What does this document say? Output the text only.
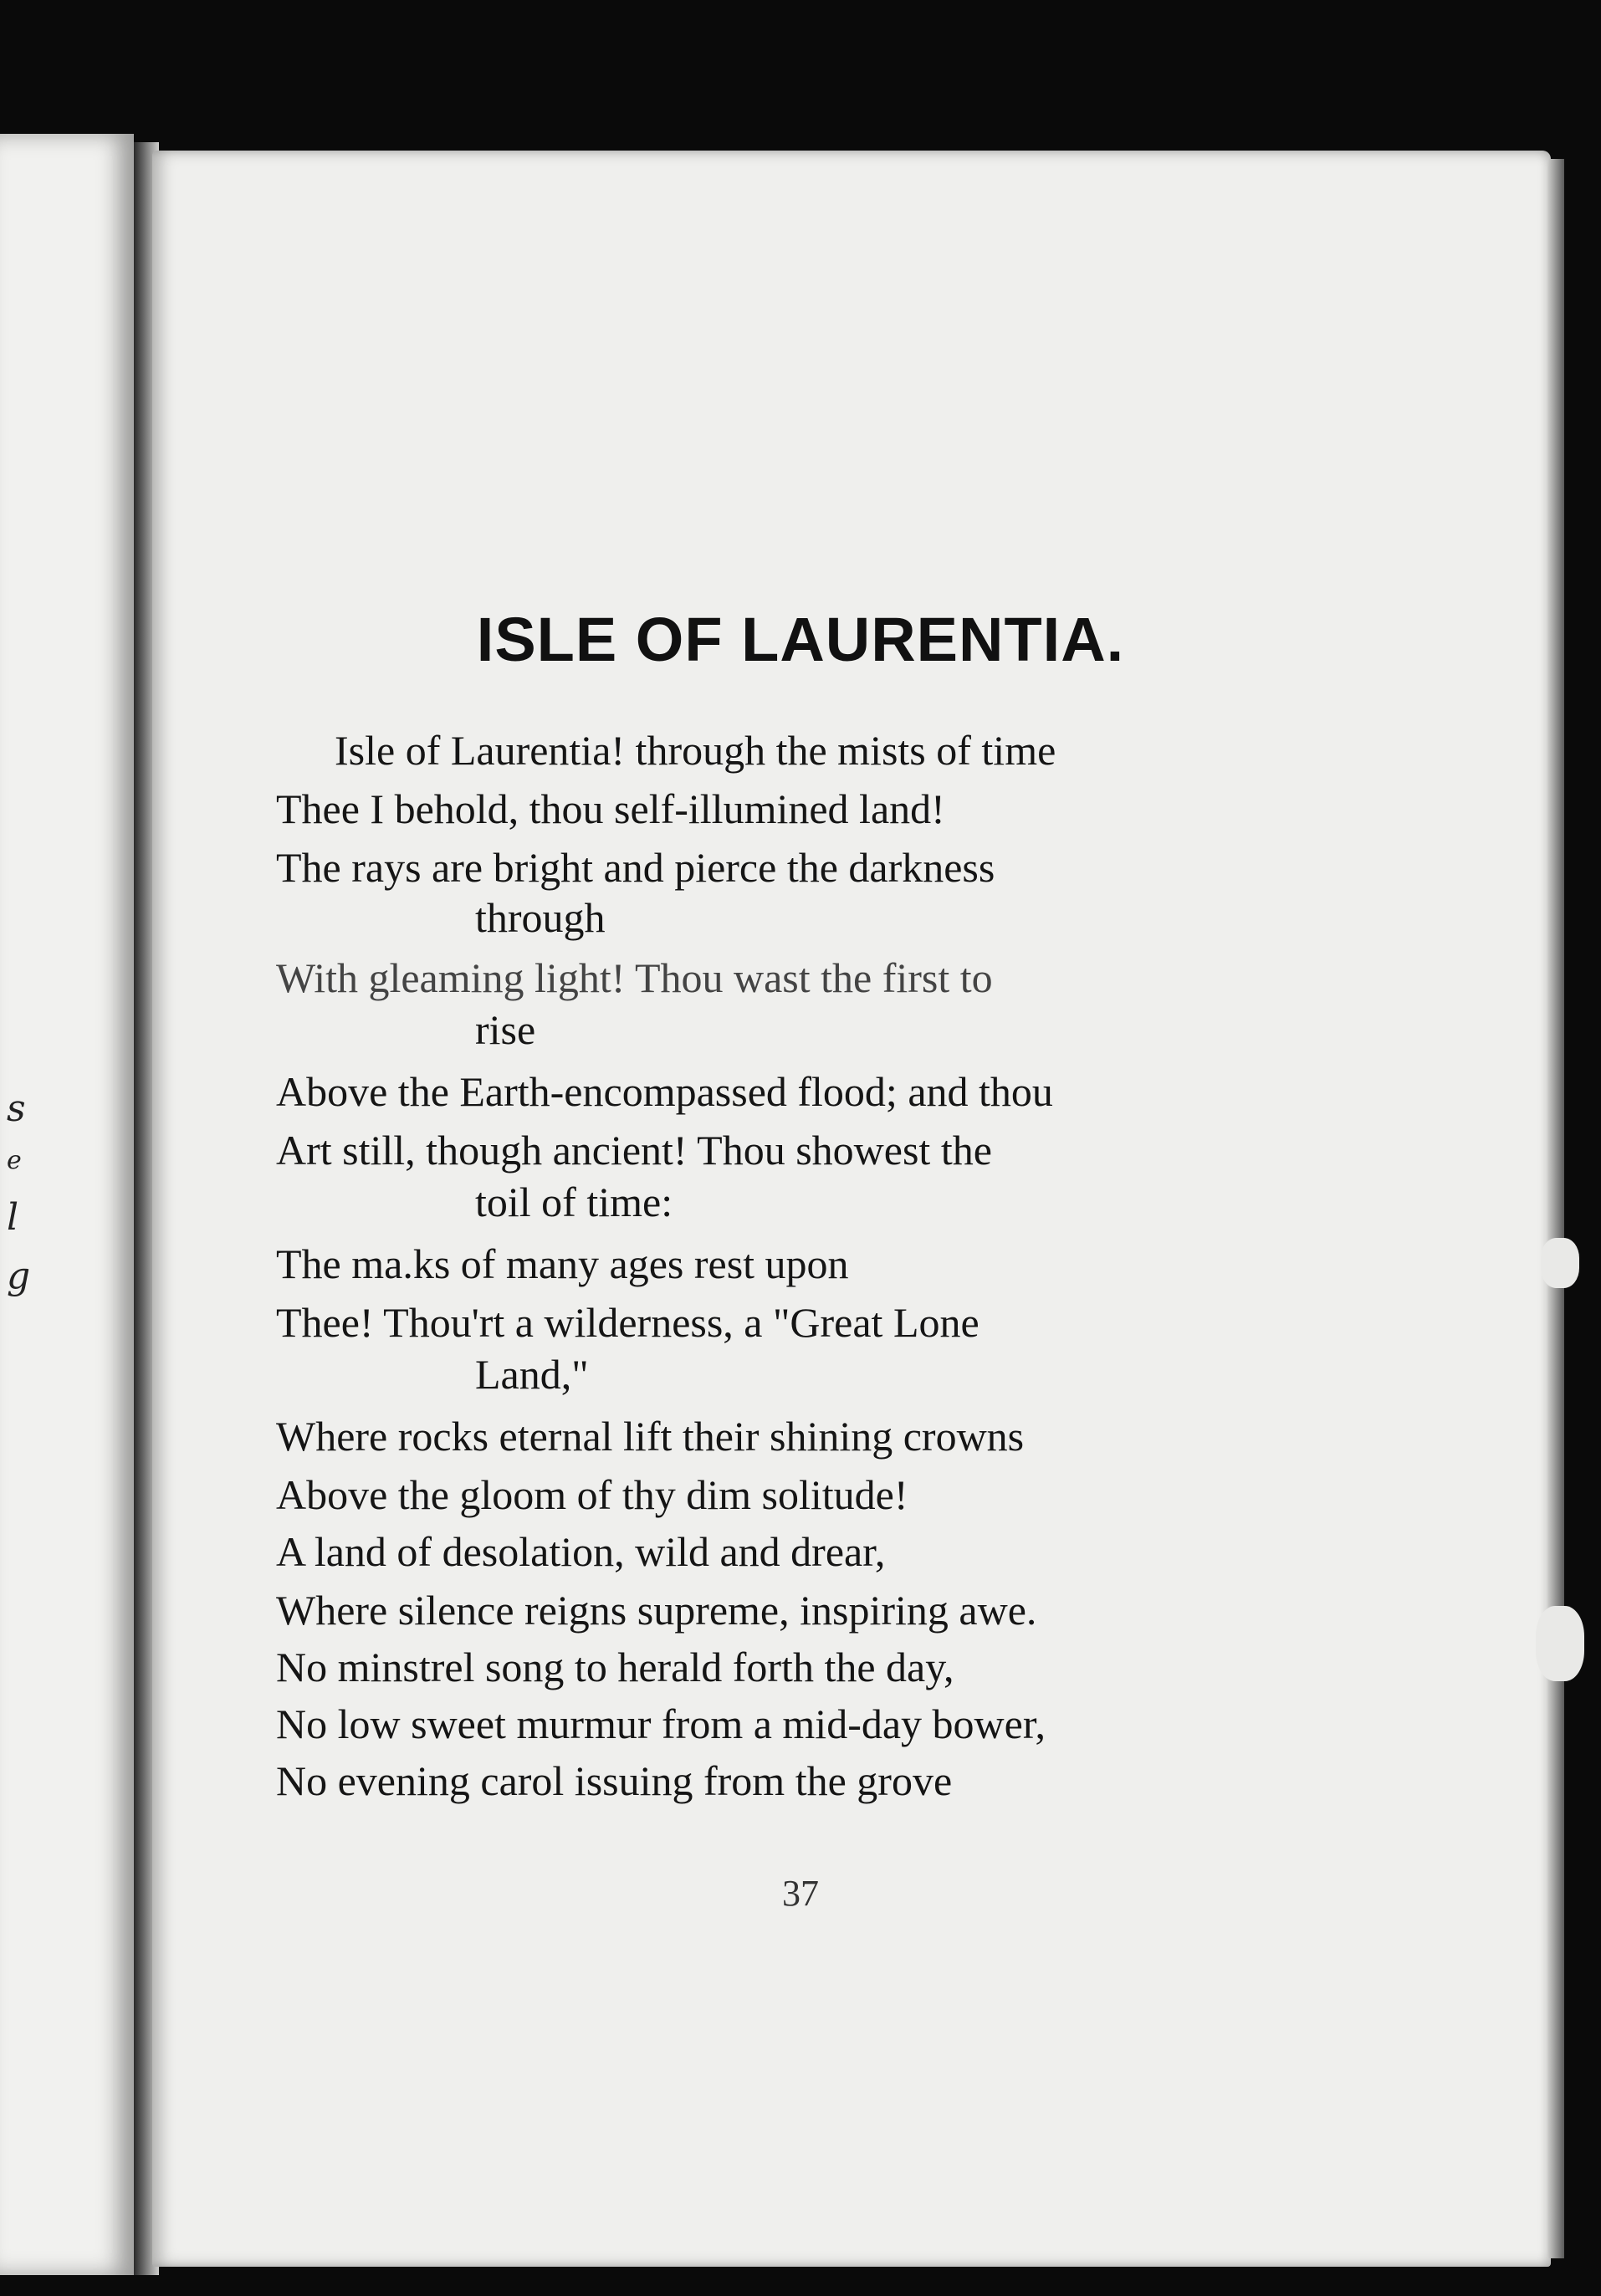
s
e
l
g
ISLE OF LAURENTIA.
Isle of Laurentia! through the mists of time
Thee I behold, thou self-illumined land!
The rays are bright and pierce the darkness
through
With gleaming light! Thou wast the first to
rise
Above the Earth-encompassed flood; and thou
Art still, though ancient! Thou showest the
toil of time:
The ma.ks of many ages rest upon
Thee! Thou'rt a wilderness, a "Great Lone
Land,"
Where rocks eternal lift their shining crowns
Above the gloom of thy dim solitude!
A land of desolation, wild and drear,
Where silence reigns supreme, inspiring awe.
No minstrel song to herald forth the day,
No low sweet murmur from a mid-day bower,
No evening carol issuing from the grove
37
